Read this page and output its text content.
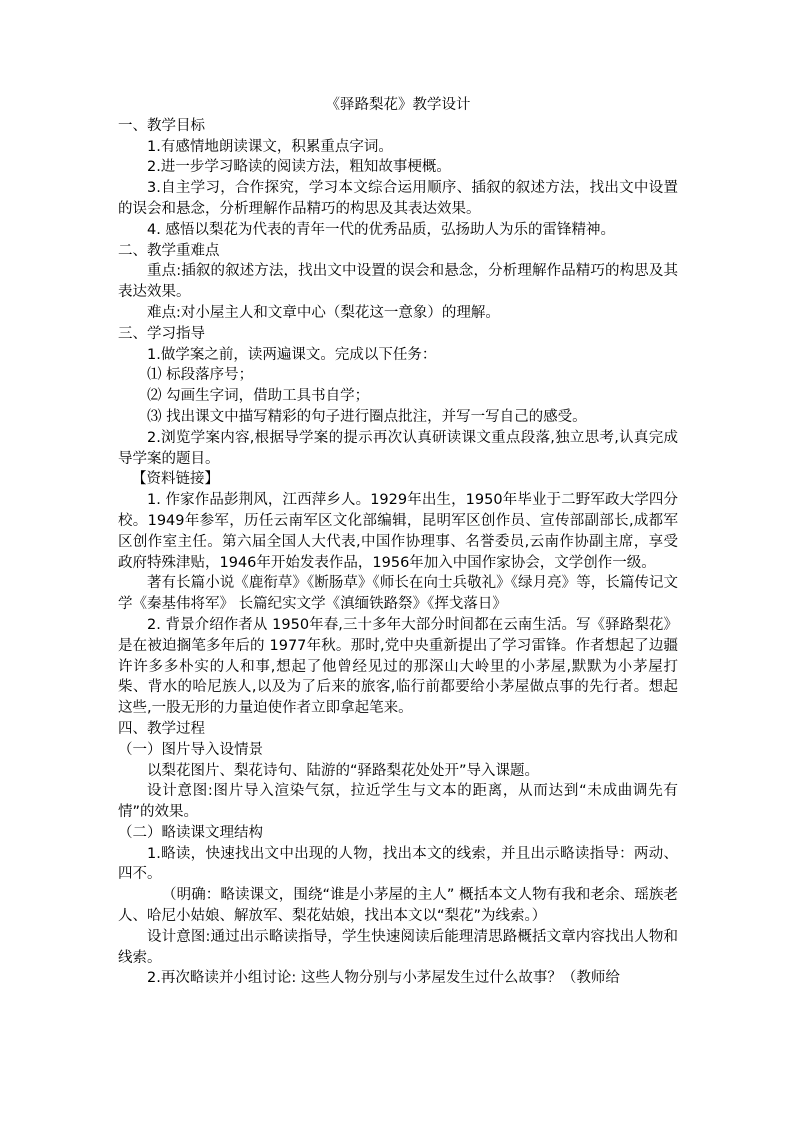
《驿路梨花》教学设计

一、教学目标

1.有感情地朗读课文，积累重点字词。

2.进一步学习略读的阅读方法，粗知故事梗概。

3.自主学习，合作探究，学习本文综合运用顺序、插叙的叙述方法，找出文中设置的误会和悬念，分析理解作品精巧的构思及其表达效果。

4. 感悟以梨花为代表的青年一代的优秀品质，弘扬助人为乐的雷锋精神。

二、教学重难点

重点:插叙的叙述方法，找出文中设置的误会和悬念，分析理解作品精巧的构思及其表达效果。

难点:对小屋主人和文章中心（梨花这一意象）的理解。

三、学习指导

1.做学案之前，读两遍课文。完成以下任务：

⑴ 标段落序号；

⑵ 勾画生字词，借助工具书自学；

⑶ 找出课文中描写精彩的句子进行圈点批注，并写一写自己的感受。

2.浏览学案内容,根据导学案的提示再次认真研读课文重点段落,独立思考,认真完成导学案的题目。

【资料链接】

1. 作家作品彭荆风，江西萍乡人。1929年出生，1950年毕业于二野军政大学四分校。1949年参军，历任云南军区文化部编辑，昆明军区创作员、宣传部副部长,成都军区创作室主任。第六届全国人大代表,中国作协理事、名誉委员,云南作协副主席，享受政府特殊津贴，1946年开始发表作品，1956年加入中国作家协会，文学创作一级。

著有长篇小说《鹿衔草》《断肠草》《师长在向士兵敬礼》《绿月亮》等，长篇传记文学《秦基伟将军》 长篇纪实文学《滇缅铁路祭》《挥戈落日》

2. 背景介绍作者从 1950年春,三十多年大部分时间都在云南生活。写《驿路梨花》是在被迫搁笔多年后的 1977年秋。那时,党中央重新提出了学习雷锋。作者想起了边疆许许多多朴实的人和事,想起了他曾经见过的那深山大岭里的小茅屋,默默为小茅屋打柴、背水的哈尼族人,以及为了后来的旅客,临行前都要给小茅屋做点事的先行者。想起这些,一股无形的力量迫使作者立即拿起笔来。

四、教学过程

（一）图片导入设情景

以梨花图片、梨花诗句、陆游的“驿路梨花处处开”导入课题。

设计意图:图片导入渲染气氛，拉近学生与文本的距离，从而达到“未成曲调先有情”的效果。

（二）略读课文理结构

1.略读，快速找出文中出现的人物，找出本文的线索，并且出示略读指导：两动、四不。

（明确：略读课文，围绕“谁是小茅屋的主人” 概括本文人物有我和老余、瑶族老人、哈尼小姑娘、解放军、梨花姑娘，找出本文以“梨花”为线索。）

设计意图:通过出示略读指导，学生快速阅读后能理清思路概括文章内容找出人物和线索。

2.再次略读并小组讨论: 这些人物分别与小茅屋发生过什么故事？（教师给
